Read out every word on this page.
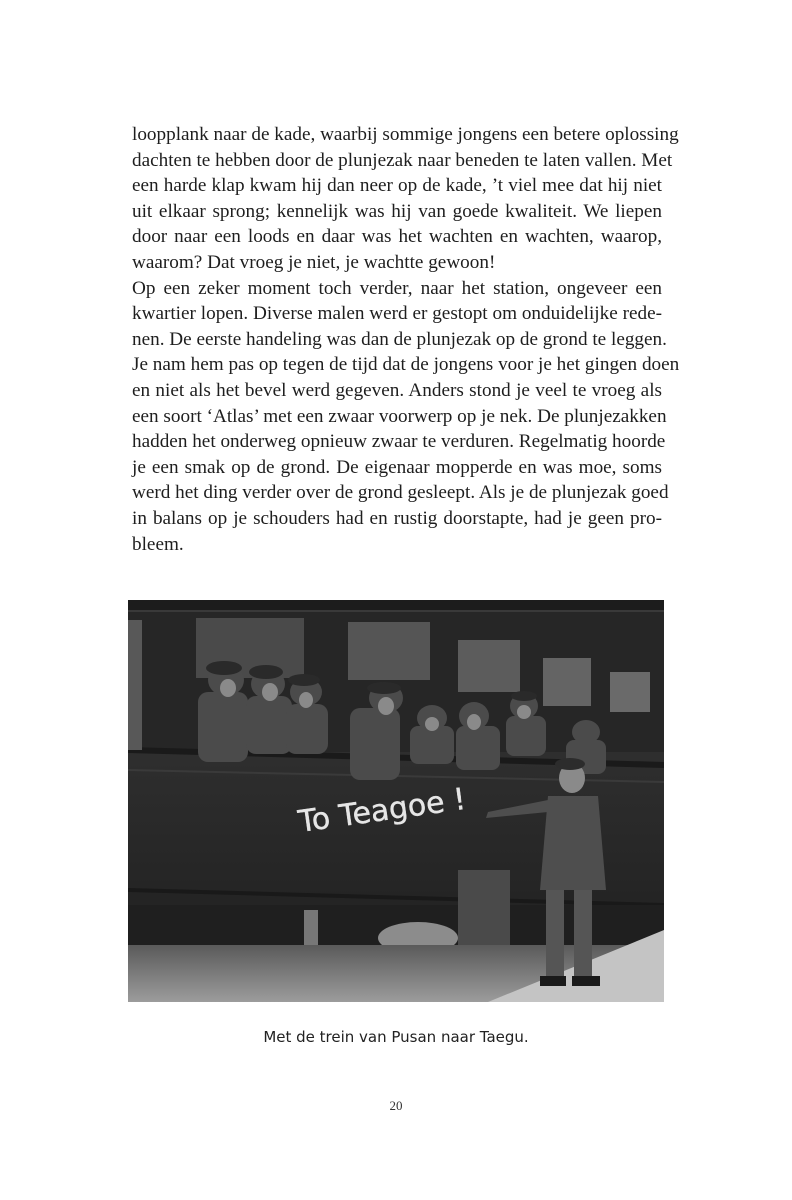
loopplank naar de kade, waarbij sommige jongens een betere oplossing
dachten te hebben door de plunjezak naar beneden te laten vallen. Met
een harde klap kwam hij dan neer op de kade, ’t viel mee dat hij niet
uit elkaar sprong; kennelijk was hij van goede kwaliteit. We liepen
door naar een loods en daar was het wachten en wachten, waarop,
waarom? Dat vroeg je niet, je wachtte gewoon!
Op een zeker moment toch verder, naar het station, ongeveer een
kwartier lopen. Diverse malen werd er gestopt om onduidelijke rede-
nen. De eerste handeling was dan de plunjezak op de grond te leggen.
Je nam hem pas op tegen de tijd dat de jongens voor je het gingen doen
en niet als het bevel werd gegeven. Anders stond je veel te vroeg als
een soort ‘Atlas’ met een zwaar voorwerp op je nek. De plunjezakken
hadden het onderweg opnieuw zwaar te verduren. Regelmatig hoorde
je een smak op de grond. De eigenaar mopperde en was moe, soms
werd het ding verder over de grond gesleept. Als je de plunjezak goed
in balans op je schouders had en rustig doorstapte, had je geen pro-
bleem.
To Teagoe !
Met de trein van Pusan naar Taegu.
20
